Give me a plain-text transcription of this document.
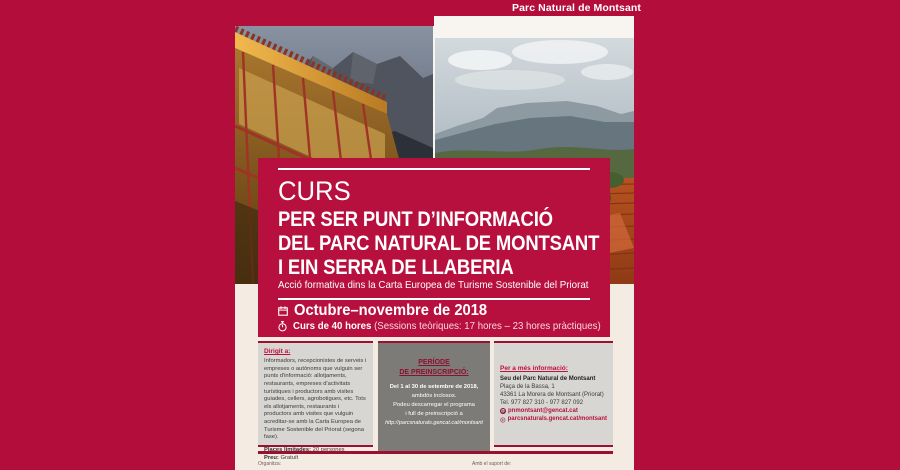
Parc Natural de Montsant
CURS
PER SER PUNT D’INFORMACIÓ
DEL PARC NATURAL DE MONTSANT
I EIN SERRA DE LLABERIA
Acció formativa dins la Carta Europea de Turisme Sostenible del Priorat
Octubre–novembre de 2018
Curs de 40 hores (Sessions teòriques: 17 hores – 23 hores pràctiques)

Dirigit a:

Informadors, recepcionistes de serveis i empreses o autònoms que vulguin ser punts d'informació: allotjaments, restaurants, empreses d'activitats turístiques i productors amb visites guiades, cellers, agrobotigues, etc. Tots els allotjaments, restaurants i productors amb visites que vulguin acreditar-se amb la Carta Europea de Turisme Sostenible del Priorat (segona fase).

Preu: Gratuït

PERÍODE
DE PREINSCRIPCIÓ:

Del 1 al 30 de setembre de 2018,
ambdós inclosos.
Podeu descarregar el programa
i full de preinscripció a
http://parcsnaturals.gencat.cat/montsant

Per a més informació:

Seu del Parc Natural de Montsant

Plaça de la Bassa, 1

43361 La Morera de Montsant (Priorat)

Tel. 977 827 310 - 977 827 092

@ pnmontsant@gencat.cat

parcsnaturals.gencat.cat/montsant

Organitza:	Amb el suport de:
